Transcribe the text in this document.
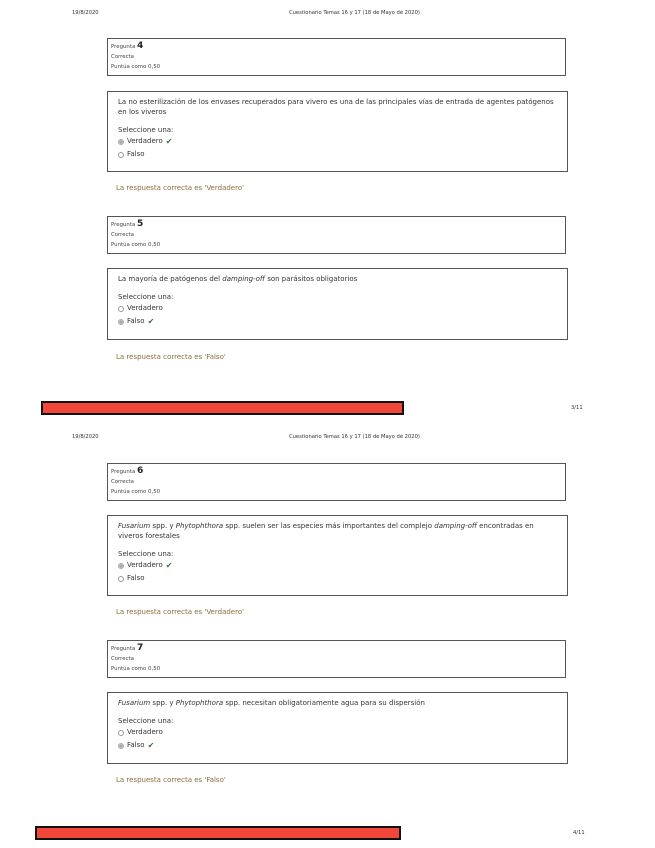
19/8/2020	Cuestionario Temas 16 y 17 (18 de Mayo de 2020)
Pregunta 4
Correcta
Puntúa como 0,50
La no esterilización de los envases recuperados para vivero es una de las principales vías de entrada de agentes patógenos en los viveros
Seleccione una:
Verdadero ✔
Falso
La respuesta correcta es 'Verdadero'
Pregunta 5
Correcta
Puntúa como 0,50
La mayoría de patógenos del damping-off son parásitos obligatorios
Seleccione una:
Verdadero
Falso ✔
La respuesta correcta es 'Falso'
3/11
19/8/2020	Cuestionario Temas 16 y 17 (18 de Mayo de 2020)
Pregunta 6
Correcta
Puntúa como 0,50
Fusarium spp. y Phytophthora spp. suelen ser las especies más importantes del complejo damping-off encontradas en viveros forestales
Seleccione una:
Verdadero ✔
Falso
La respuesta correcta es 'Verdadero'
Pregunta 7
Correcta
Puntúa como 0,50
Fusarium spp. y Phytophthora spp. necesitan obligatoriamente agua para su dispersión
Seleccione una:
Verdadero
Falso ✔
La respuesta correcta es 'Falso'
4/11
